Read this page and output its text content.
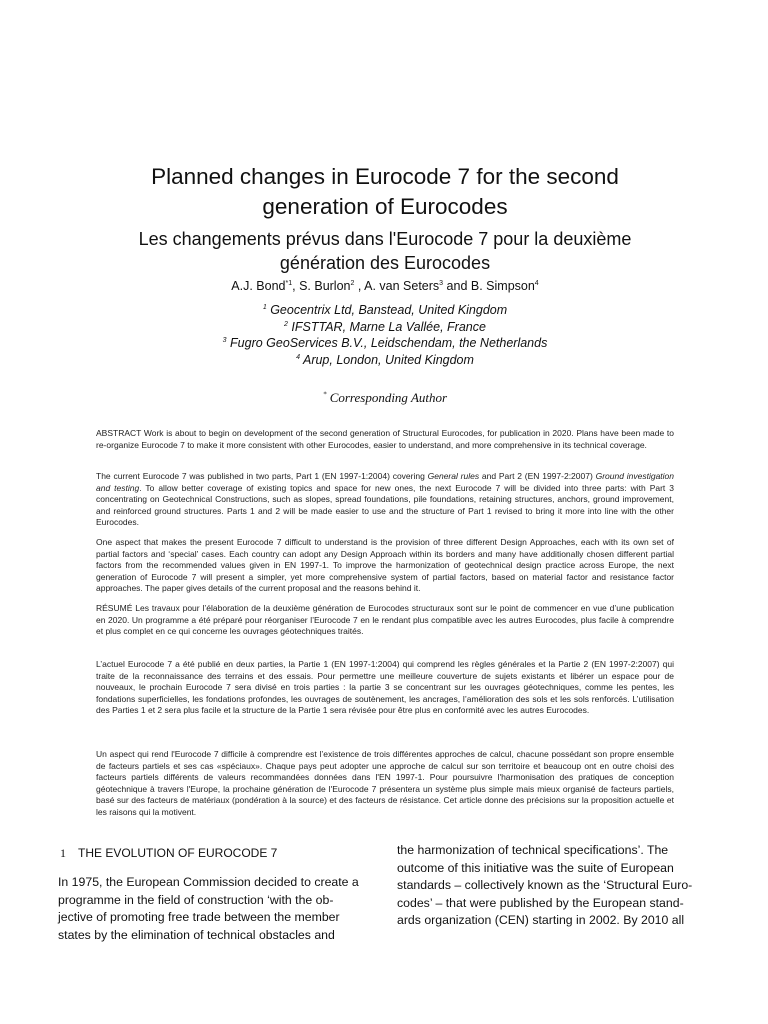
Planned changes in Eurocode 7 for the second
generation of Eurocodes
Les changements prévus dans l'Eurocode 7 pour la deuxième
génération des Eurocodes
A.J. Bond$^{*1}$, S. Burlon$^2$ , A. van Seters$^3$ and B. Simpson$^4$
$^1$ Geocentrix Ltd, Banstead, United Kingdom
$^2$ IFSTTAR, Marne La Vallée, France
$^3$ Fugro GeoServices B.V., Leidschendam, the Netherlands
$^4$ Arup, London, United Kingdom
* Corresponding Author

ABSTRACT Work is about to begin on development of the second generation of Structural Eurocodes, for publication in 2020. Plans have been made to re-organize Eurocode 7 to make it more consistent with other Eurocodes, easier to understand, and more comprehensive in its technical coverage.

The current Eurocode 7 was published in two parts, Part 1 (EN 1997-1:2004) covering General rules and Part 2 (EN 1997-2:2007) Ground investigation and testing. To allow better coverage of existing topics and space for new ones, the next Eurocode 7 will be divided into three parts: with Part 3 concentrating on Geotechnical Constructions, such as slopes, spread foundations, pile foundations, retaining structures, anchors, ground improvement, and reinforced ground structures. Parts 1 and 2 will be made easier to use and the structure of Part 1 revised to bring it more into line with the other Eurocodes.

One aspect that makes the present Eurocode 7 difficult to understand is the provision of three different Design Approaches, each with its own set of partial factors and ‘special’ cases. Each country can adopt any Design Approach within its borders and many have additionally chosen different partial factors from the recommended values given in EN 1997-1. To improve the harmonization of geotechnical design practice across Europe, the next generation of Eurocode 7 will present a simpler, yet more comprehensive system of partial factors, based on material factor and resistance factor approaches. The paper gives details of the current proposal and the reasons behind it.

RÉSUMÉ Les travaux pour l’élaboration de la deuxième génération de Eurocodes structuraux sont sur le point de commencer en vue d’une publication en 2020. Un programme a été préparé pour réorganiser l’Eurocode 7 en le rendant plus compatible avec les autres Eurocodes, plus facile à comprendre et plus complet en ce qui concerne les ouvrages géotechniques traités.

L’actuel Eurocode 7 a été publié en deux parties, la Partie 1 (EN 1997-1:2004) qui comprend les règles générales et la Partie 2 (EN 1997-2:2007) qui traite de la reconnaissance des terrains et des essais. Pour permettre une meilleure couverture de sujets existants et libérer un espace pour de nouveaux, le prochain Eurocode 7 sera divisé en trois parties : la partie 3 se concentrant sur les ouvrages géotechniques, comme les pentes, les fondations superficielles, les fondations profondes, les ouvrages de soutènement, les ancrages, l’amélioration des sols et les sols renforcés. L’utilisation des Parties 1 et 2 sera plus facile et la structure de la Partie 1 sera révisée pour être plus en conformité avec les autres Eurocodes.

Un aspect qui rend l'Eurocode 7 difficile à comprendre est l’existence de trois différentes approches de calcul, chacune possédant son propre ensemble de facteurs partiels et ses cas «spéciaux». Chaque pays peut adopter une approche de calcul sur son territoire et beaucoup ont en outre choisi des facteurs partiels différents de valeurs recommandées données dans l'EN 1997-1. Pour poursuivre l'harmonisation des pratiques de conception géotechnique à travers l'Europe, la prochaine génération de l'Eurocode 7 présentera un système plus simple mais mieux organisé de facteurs partiels, basé sur des facteurs de matériaux (pondération à la source) et des facteurs de résistance. Cet article donne des précisions sur la proposition actuelle et les raisons qui la motivent.

1 THE EVOLUTION OF EUROCODE 7
In 1975, the European Commission decided to create a
programme in the field of construction ‘with the ob-
jective of promoting free trade between the member
states by the elimination of technical obstacles and
the harmonization of technical specifications’. The
outcome of this initiative was the suite of European
standards – collectively known as the ‘Structural Euro-
codes’ – that were published by the European stand-
ards organization (CEN) starting in 2002. By 2010 all
